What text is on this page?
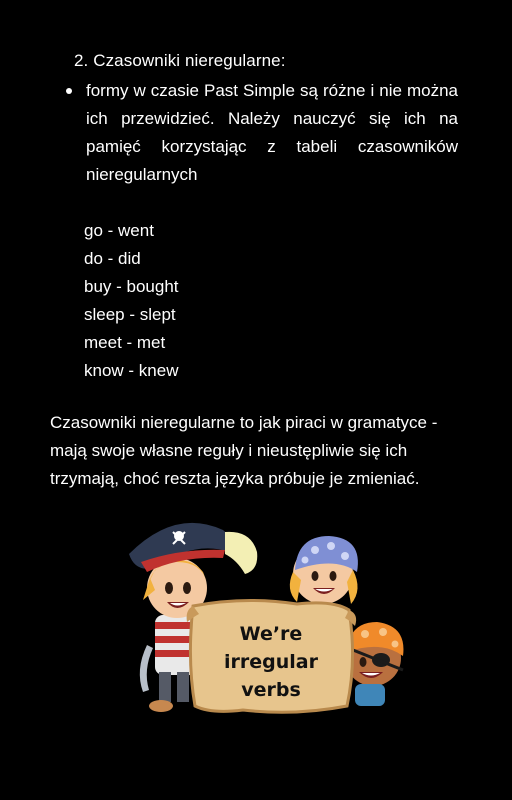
2. Czasowniki nieregularne:

formy w czasie Past Simple są różne i nie można ich przewidzieć. Należy nauczyć się ich na pamięć korzystając z tabeli czasowników nieregularnych
go - went
do - did
buy - bought
sleep - slept
meet - met
know - knew

Czasowniki nieregularne to jak piraci w gramatyce - mają swoje własne reguły i nieustępliwie się ich trzymają, choć reszta języka próbuje je zmieniać.

We’re
irregular
verbs
